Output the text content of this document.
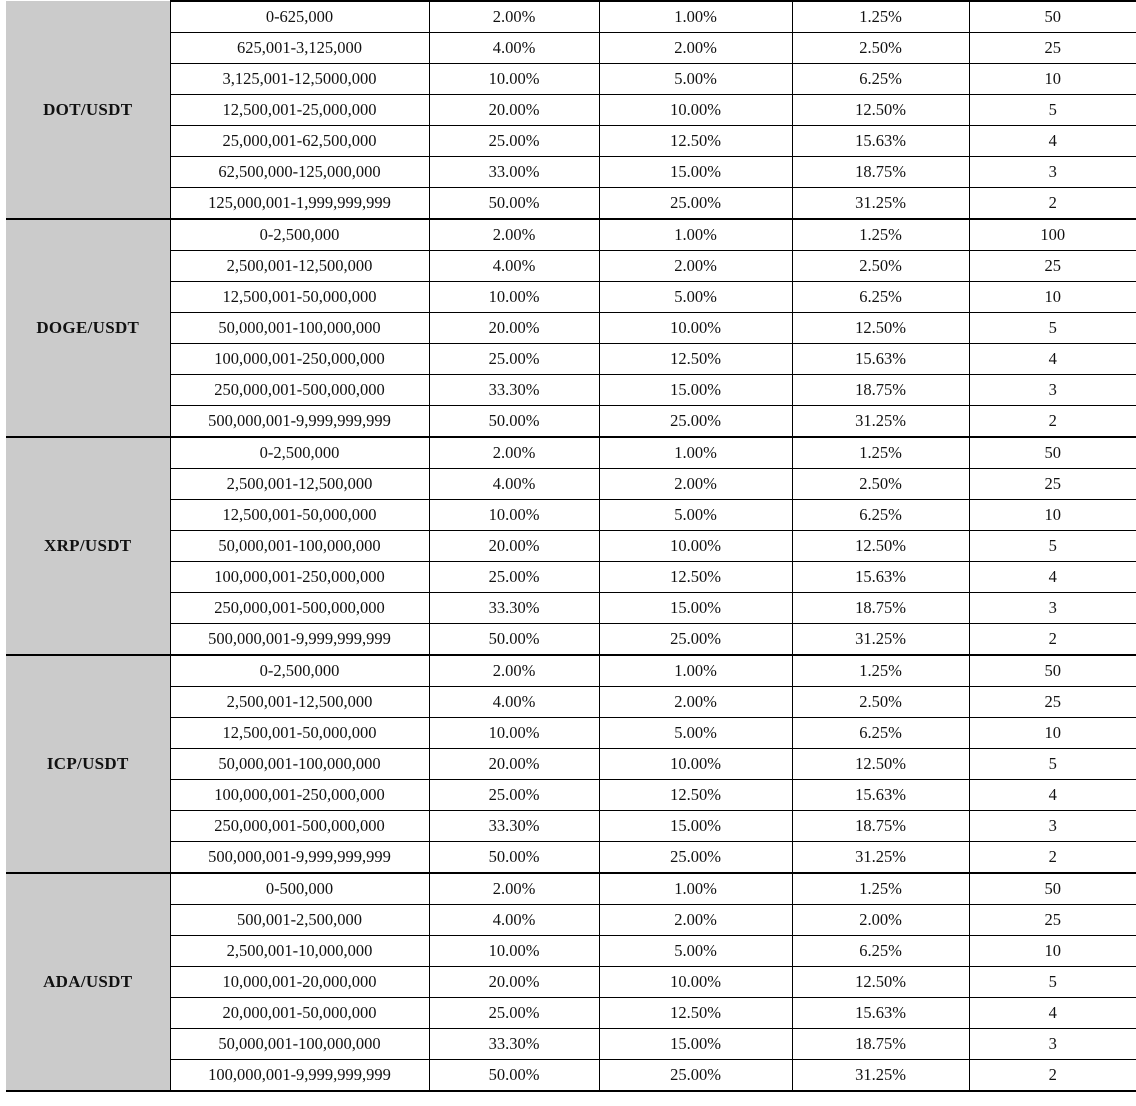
DOT/USDT	0-625,000	2.00%	1.00%	1.25%	50
	625,001-3,125,000	4.00%	2.00%	2.50%	25
	3,125,001-12,5000,000	10.00%	5.00%	6.25%	10
	12,500,001-25,000,000	20.00%	10.00%	12.50%	5
	25,000,001-62,500,000	25.00%	12.50%	15.63%	4
	62,500,000-125,000,000	33.00%	15.00%	18.75%	3
	125,000,001-1,999,999,999	50.00%	25.00%	31.25%	2
DOGE/USDT	0-2,500,000	2.00%	1.00%	1.25%	100
	2,500,001-12,500,000	4.00%	2.00%	2.50%	25
	12,500,001-50,000,000	10.00%	5.00%	6.25%	10
	50,000,001-100,000,000	20.00%	10.00%	12.50%	5
	100,000,001-250,000,000	25.00%	12.50%	15.63%	4
	250,000,001-500,000,000	33.30%	15.00%	18.75%	3
	500,000,001-9,999,999,999	50.00%	25.00%	31.25%	2
XRP/USDT	0-2,500,000	2.00%	1.00%	1.25%	50
	2,500,001-12,500,000	4.00%	2.00%	2.50%	25
	12,500,001-50,000,000	10.00%	5.00%	6.25%	10
	50,000,001-100,000,000	20.00%	10.00%	12.50%	5
	100,000,001-250,000,000	25.00%	12.50%	15.63%	4
	250,000,001-500,000,000	33.30%	15.00%	18.75%	3
	500,000,001-9,999,999,999	50.00%	25.00%	31.25%	2
ICP/USDT	0-2,500,000	2.00%	1.00%	1.25%	50
	2,500,001-12,500,000	4.00%	2.00%	2.50%	25
	12,500,001-50,000,000	10.00%	5.00%	6.25%	10
	50,000,001-100,000,000	20.00%	10.00%	12.50%	5
	100,000,001-250,000,000	25.00%	12.50%	15.63%	4
	250,000,001-500,000,000	33.30%	15.00%	18.75%	3
	500,000,001-9,999,999,999	50.00%	25.00%	31.25%	2
ADA/USDT	0-500,000	2.00%	1.00%	1.25%	50
	500,001-2,500,000	4.00%	2.00%	2.00%	25
	2,500,001-10,000,000	10.00%	5.00%	6.25%	10
	10,000,001-20,000,000	20.00%	10.00%	12.50%	5
	20,000,001-50,000,000	25.00%	12.50%	15.63%	4
	50,000,001-100,000,000	33.30%	15.00%	18.75%	3
	100,000,001-9,999,999,999	50.00%	25.00%	31.25%	2
